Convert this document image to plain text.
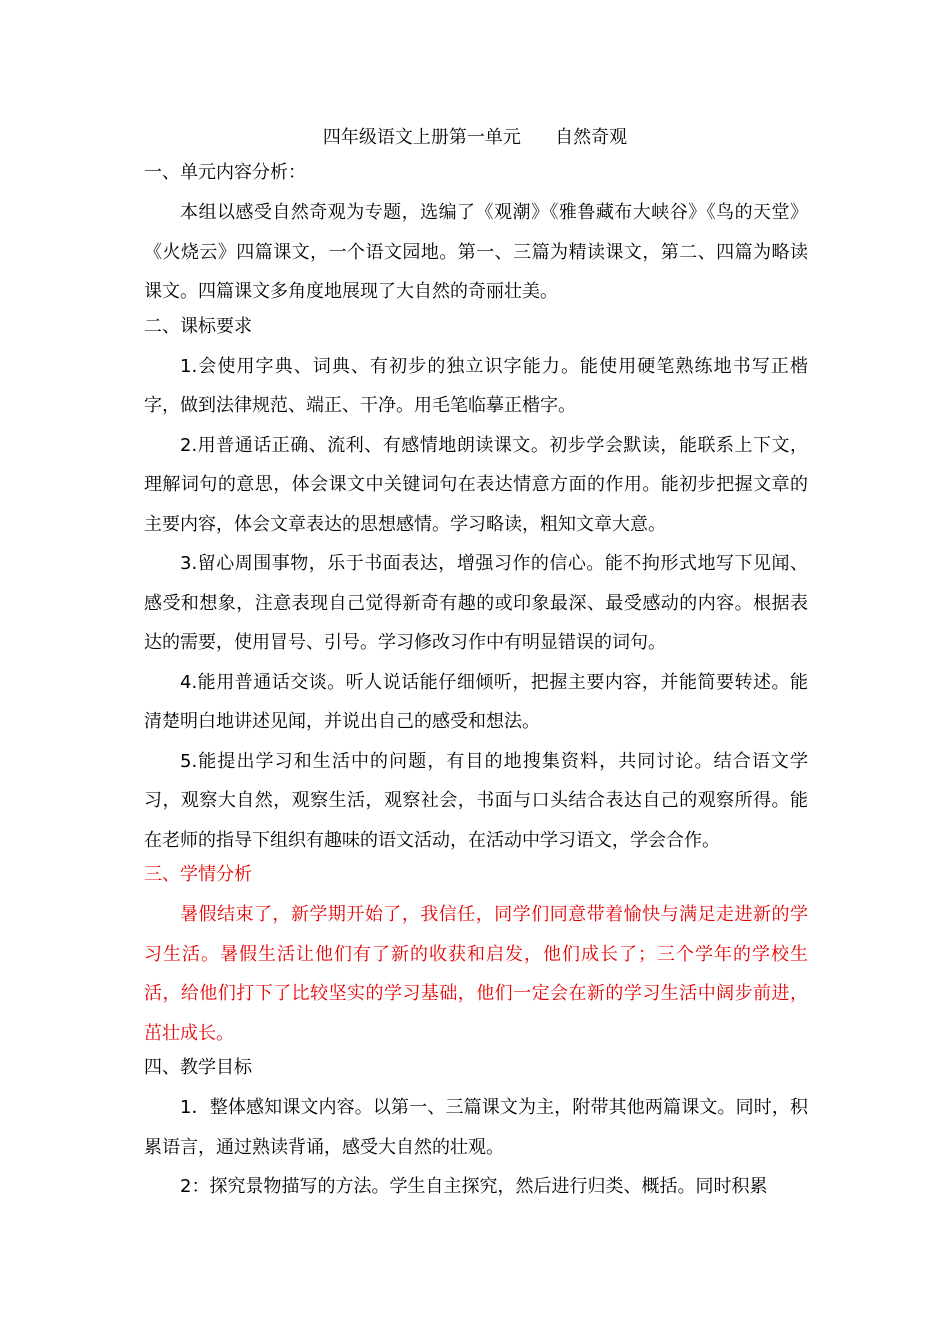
四年级语文上册第一单元      自然奇观
一、单元内容分析：

本组以感受自然奇观为专题，选编了《观潮》《雅鲁藏布大峡谷》《鸟的天堂》《火烧云》四篇课文，一个语文园地。第一、三篇为精读课文，第二、四篇为略读课文。四篇课文多角度地展现了大自然的奇丽壮美。

二、课标要求

1.会使用字典、词典、有初步的独立识字能力。能使用硬笔熟练地书写正楷字，做到法律规范、端正、干净。用毛笔临摹正楷字。

2.用普通话正确、流利、有感情地朗读课文。初步学会默读，能联系上下文，理解词句的意思，体会课文中关键词句在表达情意方面的作用。能初步把握文章的主要内容，体会文章表达的思想感情。学习略读，粗知文章大意。

3.留心周围事物，乐于书面表达，增强习作的信心。能不拘形式地写下见闻、感受和想象，注意表现自己觉得新奇有趣的或印象最深、最受感动的内容。根据表达的需要，使用冒号、引号。学习修改习作中有明显错误的词句。

4.能用普通话交谈。听人说话能仔细倾听，把握主要内容，并能简要转述。能清楚明白地讲述见闻，并说出自己的感受和想法。

5.能提出学习和生活中的问题，有目的地搜集资料，共同讨论。结合语文学习，观察大自然，观察生活，观察社会，书面与口头结合表达自己的观察所得。能在老师的指导下组织有趣味的语文活动，在活动中学习语文，学会合作。

三、学情分析

暑假结束了，新学期开始了，我信任，同学们同意带着愉快与满足走进新的学习生活。暑假生活让他们有了新的收获和启发，他们成长了；三个学年的学校生活，给他们打下了比较坚实的学习基础，他们一定会在新的学习生活中阔步前进，茁壮成长。

四、教学目标

1．整体感知课文内容。以第一、三篇课文为主，附带其他两篇课文。同时，积累语言，通过熟读背诵，感受大自然的壮观。

2：探究景物描写的方法。学生自主探究，然后进行归类、概括。同时积累
